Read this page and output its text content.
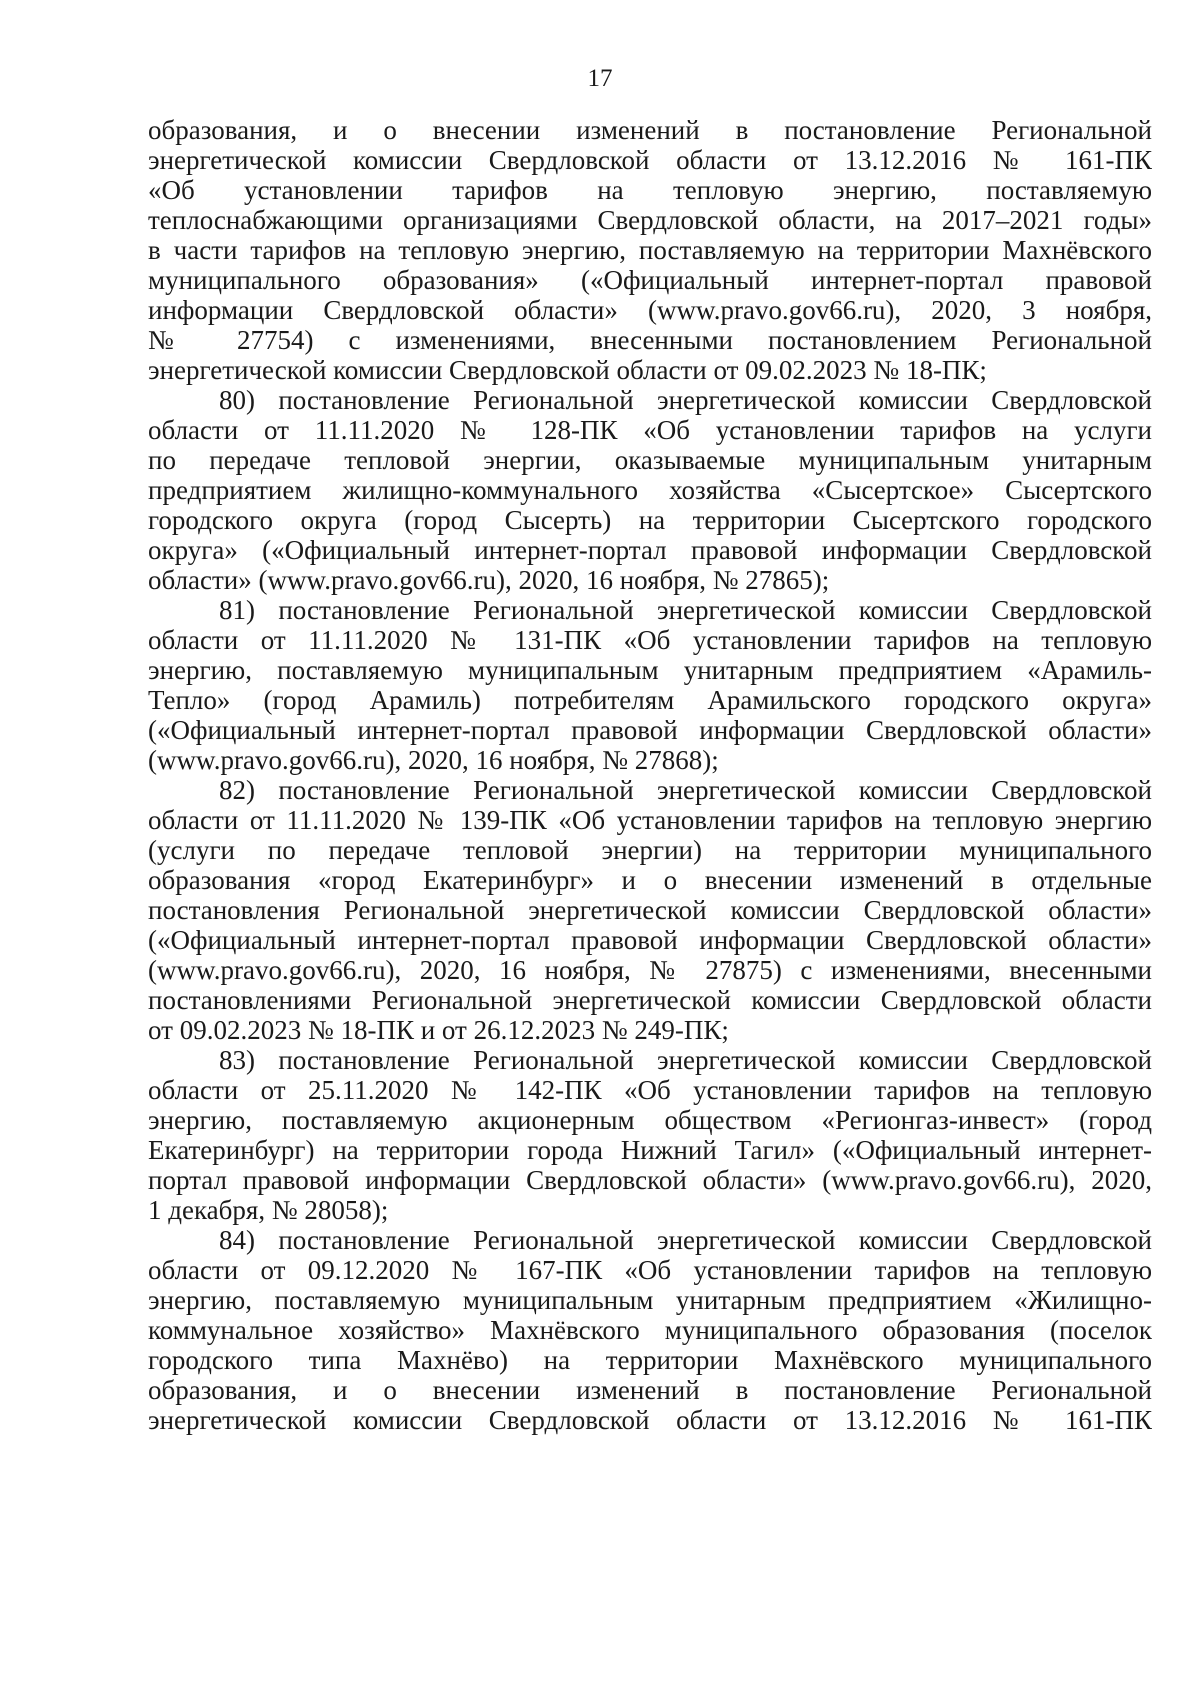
17
образования, и о внесении изменений в постановление Региональной
энергетической комиссии Свердловской области от 13.12.2016 № 161-ПК
«Об установлении тарифов на тепловую энергию, поставляемую
теплоснабжающими организациями Свердловской области, на 2017–2021 годы»
в части тарифов на тепловую энергию, поставляемую на территории Махнёвского
муниципального образования» («Официальный интернет-портал правовой
информации Свердловской области» (www.pravo.gov66.ru), 2020, 3 ноября,
№ 27754) с изменениями, внесенными постановлением Региональной
энергетической комиссии Свердловской области от 09.02.2023 № 18-ПК;
80) постановление Региональной энергетической комиссии Свердловской
области от 11.11.2020 № 128-ПК «Об установлении тарифов на услуги
по передаче тепловой энергии, оказываемые муниципальным унитарным
предприятием жилищно-коммунального хозяйства «Сысертское» Сысертского
городского округа (город Сысерть) на территории Сысертского городского
округа» («Официальный интернет-портал правовой информации Свердловской
области» (www.pravo.gov66.ru), 2020, 16 ноября, № 27865);
81) постановление Региональной энергетической комиссии Свердловской
области от 11.11.2020 № 131-ПК «Об установлении тарифов на тепловую
энергию, поставляемую муниципальным унитарным предприятием «Арамиль-
Тепло» (город Арамиль) потребителям Арамильского городского округа»
(«Официальный интернет-портал правовой информации Свердловской области»
(www.pravo.gov66.ru), 2020, 16 ноября, № 27868);
82) постановление Региональной энергетической комиссии Свердловской
области от 11.11.2020 № 139-ПК «Об установлении тарифов на тепловую энергию
(услуги по передаче тепловой энергии) на территории муниципального
образования «город Екатеринбург» и о внесении изменений в отдельные
постановления Региональной энергетической комиссии Свердловской области»
(«Официальный интернет-портал правовой информации Свердловской области»
(www.pravo.gov66.ru), 2020, 16 ноября, № 27875) с изменениями, внесенными
постановлениями Региональной энергетической комиссии Свердловской области
от 09.02.2023 № 18-ПК и от 26.12.2023 № 249-ПК;
83) постановление Региональной энергетической комиссии Свердловской
области от 25.11.2020 № 142-ПК «Об установлении тарифов на тепловую
энергию, поставляемую акционерным обществом «Регионгаз-инвест» (город
Екатеринбург) на территории города Нижний Тагил» («Официальный интернет-
портал правовой информации Свердловской области» (www.pravo.gov66.ru), 2020,
1 декабря, № 28058);
84) постановление Региональной энергетической комиссии Свердловской
области от 09.12.2020 № 167-ПК «Об установлении тарифов на тепловую
энергию, поставляемую муниципальным унитарным предприятием «Жилищно-
коммунальное хозяйство» Махнёвского муниципального образования (поселок
городского типа Махнёво) на территории Махнёвского муниципального
образования, и о внесении изменений в постановление Региональной
энергетической комиссии Свердловской области от 13.12.2016 № 161-ПК
